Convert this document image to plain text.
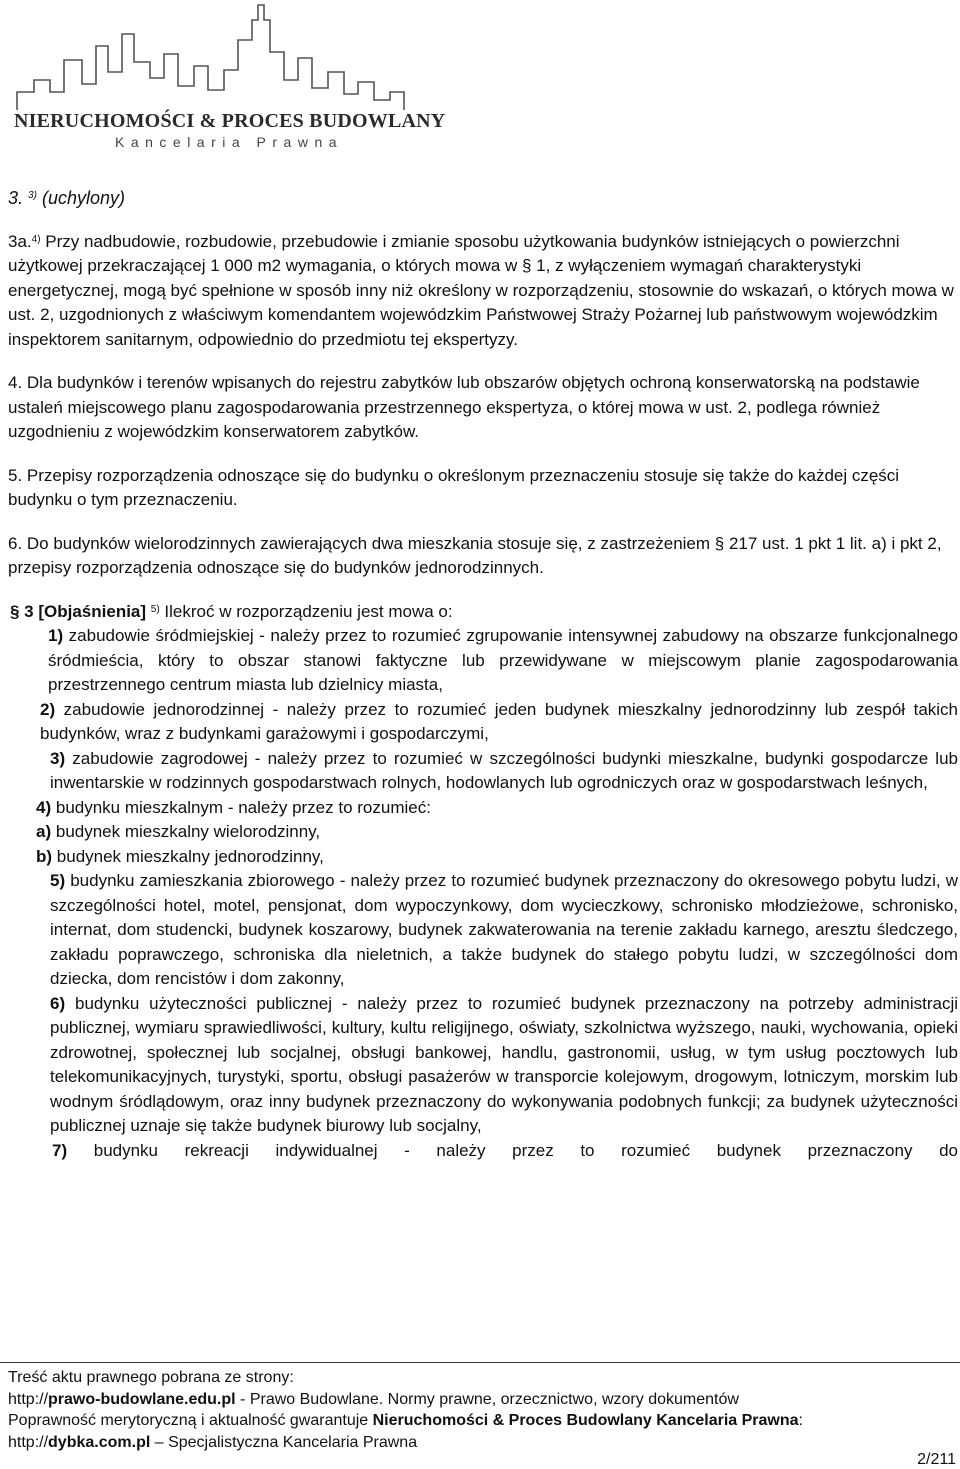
NIERUCHOMOŚCI & PROCES BUDOWLANY
Kancelaria Prawna

3. $^{3)}$ (uchylony)

3a.$^{4)}$ Przy nadbudowie, rozbudowie, przebudowie i zmianie sposobu użytkowania budynków istniejących o powierzchni użytkowej przekraczającej 1 000 m2 wymagania, o których mowa w § 1, z wyłączeniem wymagań charakterystyki energetycznej, mogą być spełnione w sposób inny niż określony w rozporządzeniu, stosownie do wskazań, o których mowa w ust. 2, uzgodnionych z właściwym komendantem wojewódzkim Państwowej Straży Pożarnej lub państwowym wojewódzkim inspektorem sanitarnym, odpowiednio do przedmiotu tej ekspertyzy.

4. Dla budynków i terenów wpisanych do rejestru zabytków lub obszarów objętych ochroną konserwatorską na podstawie ustaleń miejscowego planu zagospodarowania przestrzennego ekspertyza, o której mowa w ust. 2, podlega również uzgodnieniu z wojewódzkim konserwatorem zabytków.

5. Przepisy rozporządzenia odnoszące się do budynku o określonym przeznaczeniu stosuje się także do każdej części budynku o tym przeznaczeniu.

6. Do budynków wielorodzinnych zawierających dwa mieszkania stosuje się, z zastrzeżeniem § 217 ust. 1 pkt 1 lit. a) i pkt 2, przepisy rozporządzenia odnoszące się do budynków jednorodzinnych.

§ 3 [Objaśnienia] $^{5)}$ Ilekroć w rozporządzeniu jest mowa o:

1) zabudowie śródmiejskiej - należy przez to rozumieć zgrupowanie intensywnej zabudowy na obszarze funkcjonalnego śródmieścia, który to obszar stanowi faktyczne lub przewidywane w miejscowym planie zagospodarowania przestrzennego centrum miasta lub dzielnicy miasta,

2) zabudowie jednorodzinnej - należy przez to rozumieć jeden budynek mieszkalny jednorodzinny lub zespół takich budynków, wraz z budynkami garażowymi i gospodarczymi,

3) zabudowie zagrodowej - należy przez to rozumieć w szczególności budynki mieszkalne, budynki gospodarcze lub inwentarskie w rodzinnych gospodarstwach rolnych, hodowlanych lub ogrodniczych oraz w gospodarstwach leśnych,

4) budynku mieszkalnym - należy przez to rozumieć:

a) budynek mieszkalny wielorodzinny,

b) budynek mieszkalny jednorodzinny,

5) budynku zamieszkania zbiorowego - należy przez to rozumieć budynek przeznaczony do okresowego pobytu ludzi, w szczególności hotel, motel, pensjonat, dom wypoczynkowy, dom wycieczkowy, schronisko młodzieżowe, schronisko, internat, dom studencki, budynek koszarowy, budynek zakwaterowania na terenie zakładu karnego, aresztu śledczego, zakładu poprawczego, schroniska dla nieletnich, a także budynek do stałego pobytu ludzi, w szczególności dom dziecka, dom rencistów i dom zakonny,

6) budynku użyteczności publicznej - należy przez to rozumieć budynek przeznaczony na potrzeby administracji publicznej, wymiaru sprawiedliwości, kultury, kultu religijnego, oświaty, szkolnictwa wyższego, nauki, wychowania, opieki zdrowotnej, społecznej lub socjalnej, obsługi bankowej, handlu, gastronomii, usług, w tym usług pocztowych lub telekomunikacyjnych, turystyki, sportu, obsługi pasażerów w transporcie kolejowym, drogowym, lotniczym, morskim lub wodnym śródlądowym, oraz inny budynek przeznaczony do wykonywania podobnych funkcji; za budynek użyteczności publicznej uznaje się także budynek biurowy lub socjalny,

7) budynku rekreacji indywidualnej - należy przez to rozumieć budynek przeznaczony do

Treść aktu prawnego pobrana ze strony:
http://prawo-budowlane.edu.pl - Prawo Budowlane. Normy prawne, orzecznictwo, wzory dokumentów
Poprawność merytoryczną i aktualność gwarantuje Nieruchomości & Proces Budowlany Kancelaria Prawna:
http://dybka.com.pl – Specjalistyczna Kancelaria Prawna
2/211
